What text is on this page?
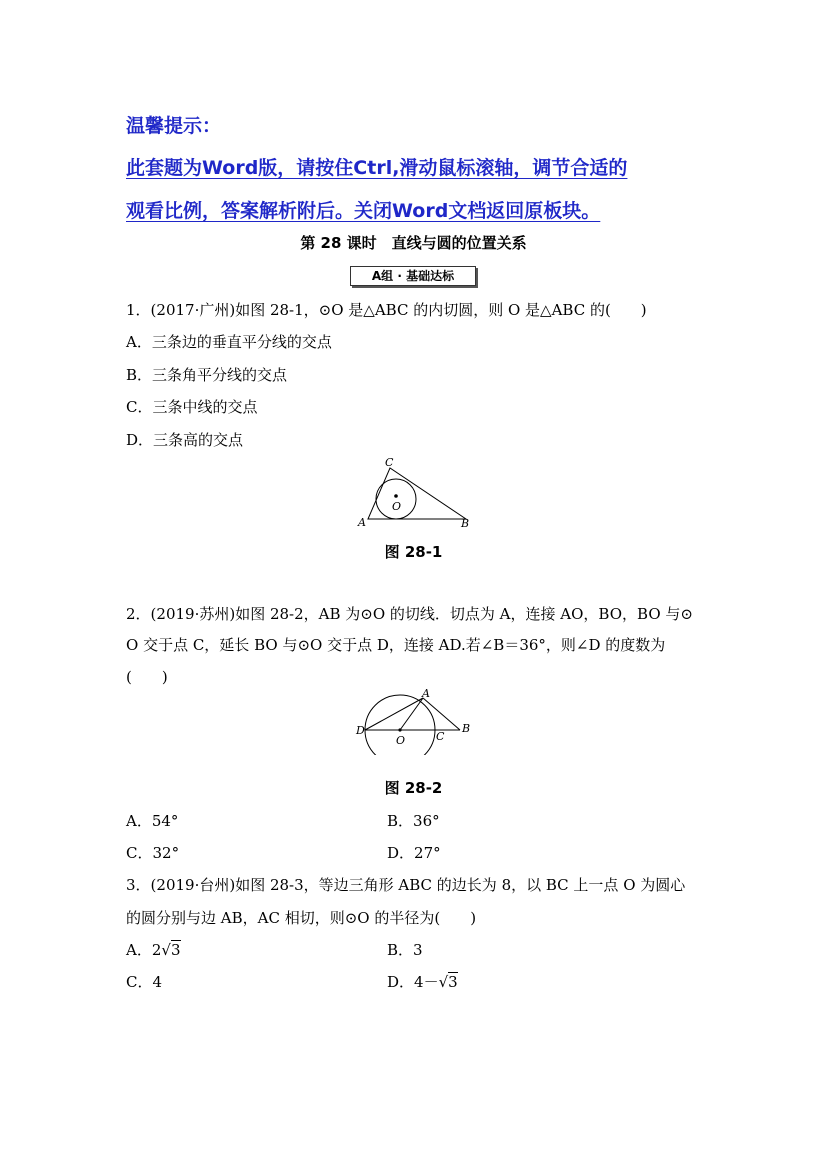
温馨提示：
此套题为Word版，请按住Ctrl,滑动鼠标滚轴，调节合适的
观看比例，答案解析附后。关闭Word文档返回原板块。
第 28 课时　直线与圆的位置关系
A组 · 基础达标
1．(2017·广州)如图 28-1，⊙O 是△ABC 的内切圆，则 O 是△ABC 的(　　)
A．三条边的垂直平分线的交点
B．三条角平分线的交点
C．三条中线的交点
D．三条高的交点
C
O
A	B
图 28-1
2．(2019·苏州)如图 28-2，AB 为⊙O 的切线．切点为 A，连接 AO，BO，BO 与⊙
O 交于点 C，延长 BO 与⊙O 交于点 D，连接 AD.若∠B＝36°，则∠D 的度数为
(　　)
A
D
O	C
B
图 28-2
A．54°	B．36°
C．32°	D．27°
3．(2019·台州)如图 28-3，等边三角形 ABC 的边长为 8，以 BC 上一点 O 为圆心
的圆分别与边 AB，AC 相切，则⊙O 的半径为(　　)
A．2√3	B．3
C．4	D．4－√3
